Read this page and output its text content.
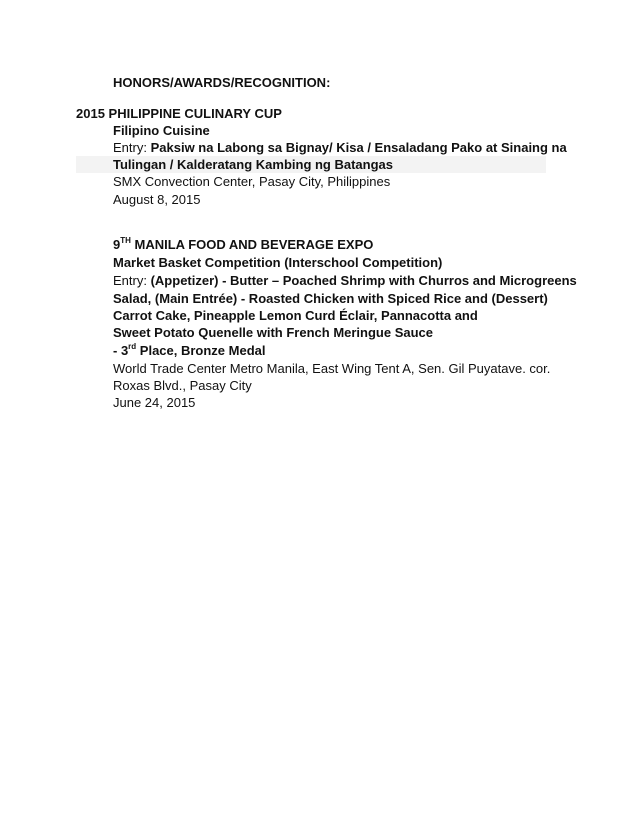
HONORS/AWARDS/RECOGNITION:
2015 PHILIPPINE CULINARY CUP
Filipino Cuisine
Entry: Paksiw na Labong sa Bignay/ Kisa / Ensaladang Pako at Sinaing na
Tulingan / Kalderatang Kambing ng Batangas
SMX Convection Center, Pasay City, Philippines
August 8, 2015
9TH MANILA FOOD AND BEVERAGE EXPO
Market Basket Competition (Interschool Competition)
Entry: (Appetizer) - Butter – Poached Shrimp with Churros and Microgreens
Salad, (Main Entrée) - Roasted Chicken with Spiced Rice and (Dessert)
Carrot Cake, Pineapple Lemon Curd Éclair, Pannacotta and
Sweet Potato Quenelle with French Meringue Sauce
- 3rd Place, Bronze Medal
World Trade Center Metro Manila, East Wing Tent A, Sen. Gil Puyatave. cor.
Roxas Blvd., Pasay City
June 24, 2015
